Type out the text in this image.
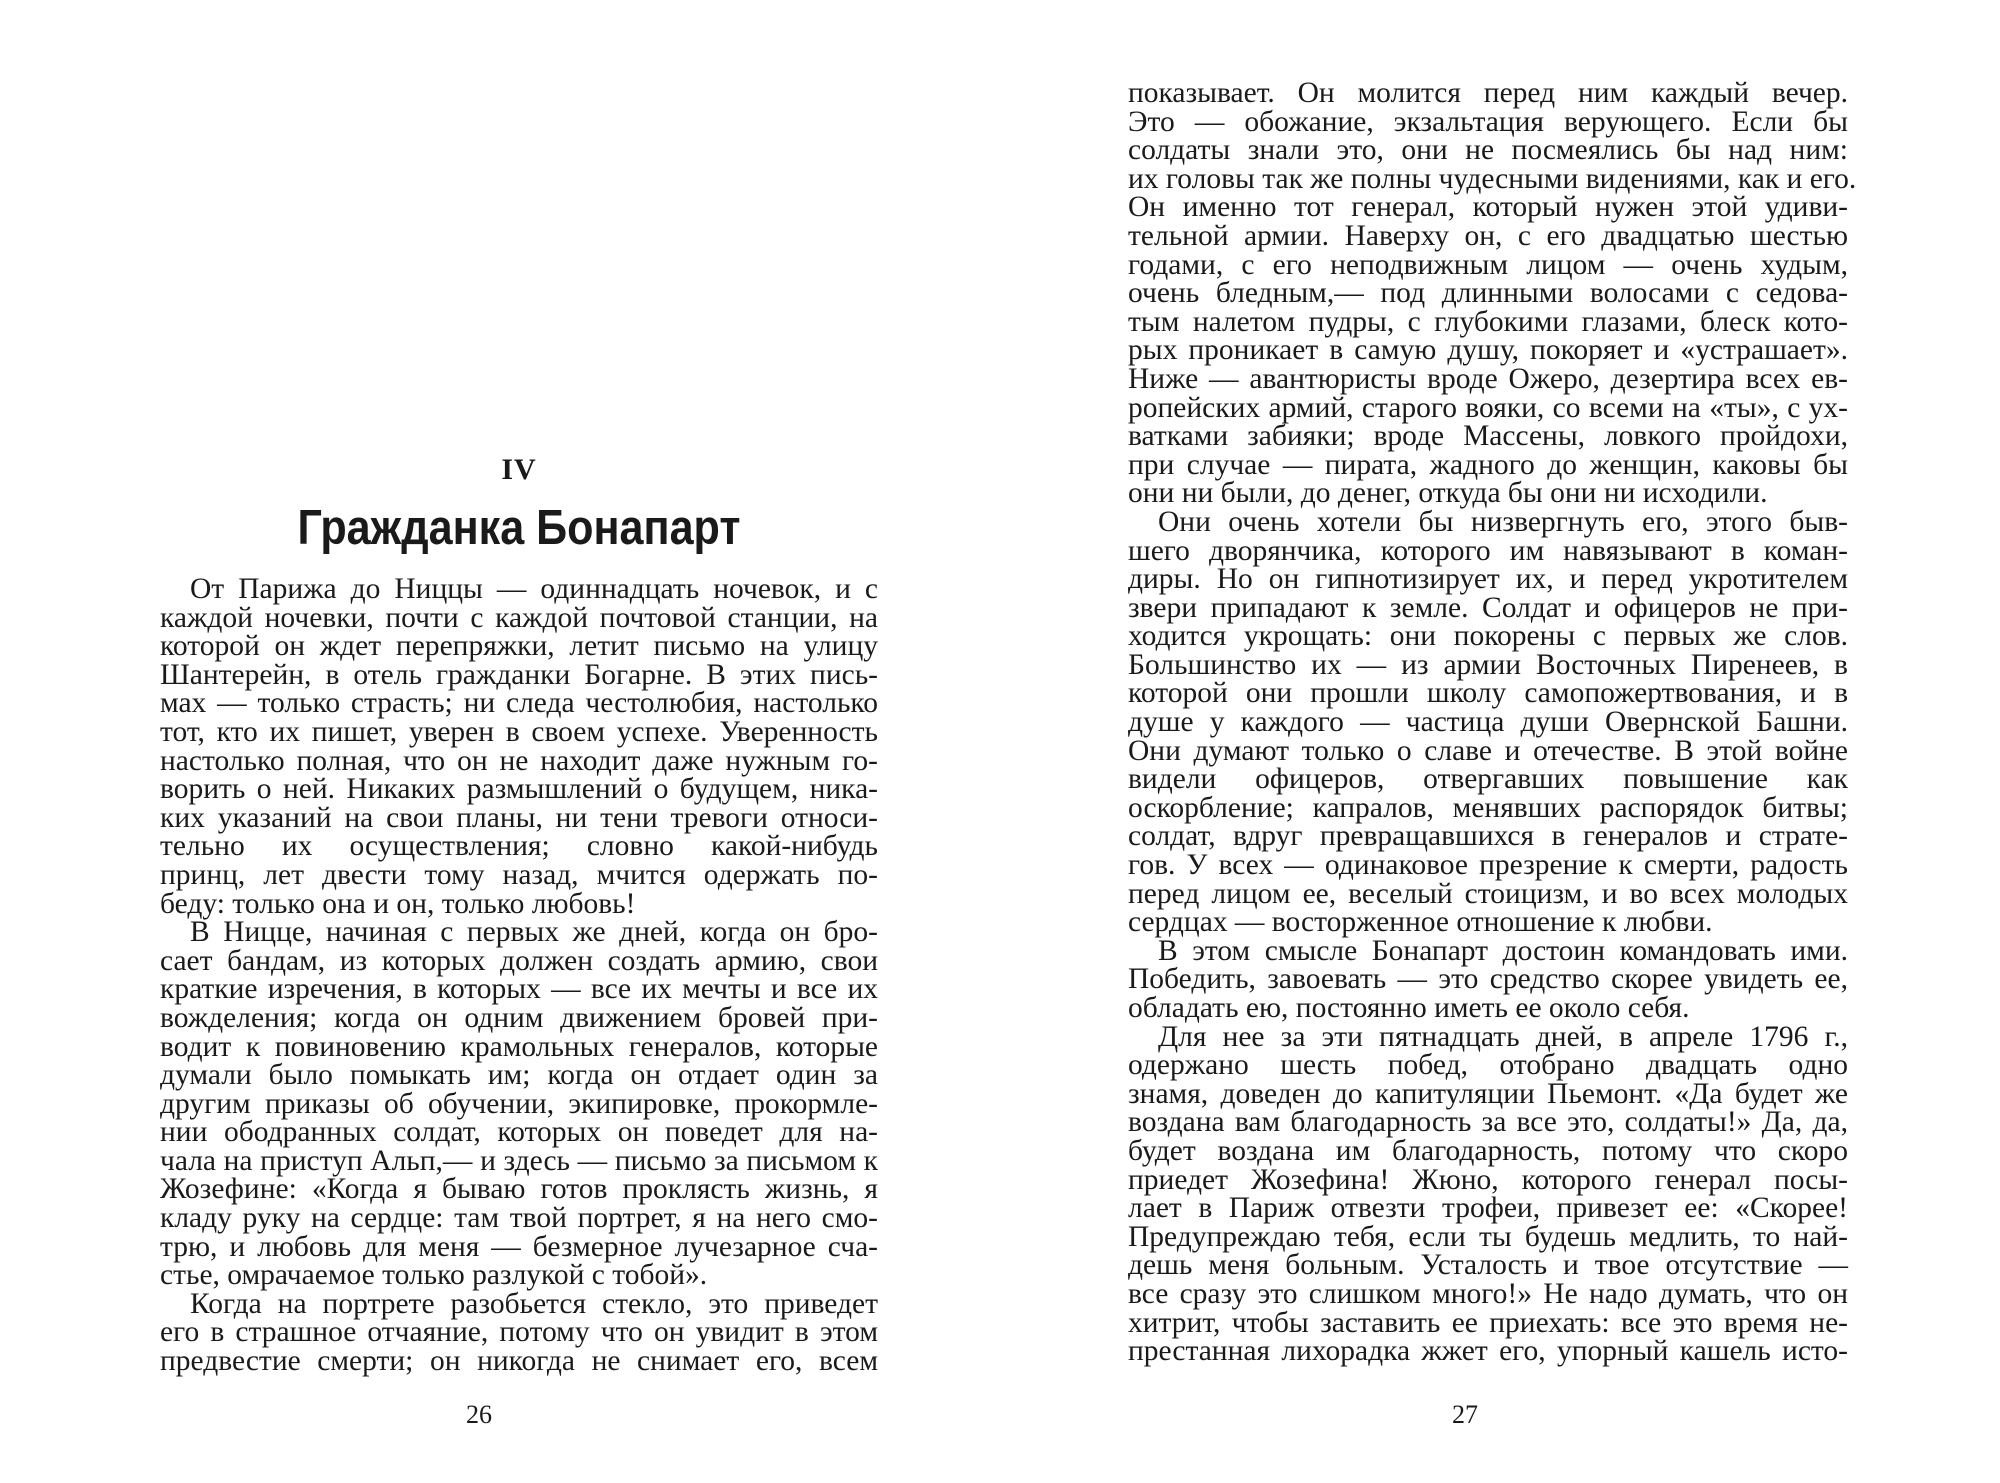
IV
Гражданка Бонапарт

От Парижа до Ниццы — одиннадцать ночевок, и с

каждой ночевки, почти с каждой почтовой станции, на

которой он ждет перепряжки, летит письмо на улицу

Шантерейн, в отель гражданки Богарне. В этих пись-

мах — только страсть; ни следа честолюбия, настолько

тот, кто их пишет, уверен в своем успехе. Уверенность

настолько полная, что он не находит даже нужным го-

ворить о ней. Никаких размышлений о будущем, ника-

ких указаний на свои планы, ни тени тревоги относи-

тельно их осуществления; словно какой-нибудь

принц, лет двести тому назад, мчится одержать по-

беду: только она и он, только любовь!

В Ницце, начиная с первых же дней, когда он бро-

сает бандам, из которых должен создать армию, свои

краткие изречения, в которых — все их мечты и все их

вожделения; когда он одним движением бровей при-

водит к повиновению крамольных генералов, которые

думали было помыкать им; когда он отдает один за

другим приказы об обучении, экипировке, прокормле-

нии ободранных солдат, которых он поведет для на-

чала на приступ Альп,— и здесь — письмо за письмом к

Жозефине: «Когда я бываю готов проклясть жизнь, я

кладу руку на сердце: там твой портрет, я на него смо-

трю, и любовь для меня — безмерное лучезарное сча-

стье, омрачаемое только разлукой с тобой».

Когда на портрете разобьется стекло, это приведет

его в страшное отчаяние, потому что он увидит в этом

предвестие смерти; он никогда не снимает его, всем

26

показывает. Он молится перед ним каждый вечер.

Это — обожание, экзальтация верующего. Если бы

солдаты знали это, они не посмеялись бы над ним:

их головы так же полны чудесными видениями, как и его.

Он именно тот генерал, который нужен этой удиви-

тельной армии. Наверху он, с его двадцатью шестью

годами, с его неподвижным лицом — очень худым,

очень бледным,— под длинными волосами с седова-

тым налетом пудры, с глубокими глазами, блеск кото-

рых проникает в самую душу, покоряет и «устрашает».

Ниже — авантюристы вроде Ожеро, дезертира всех ев-

ропейских армий, старого вояки, со всеми на «ты», с ух-

ватками забияки; вроде Массены, ловкого пройдохи,

при случае — пирата, жадного до женщин, каковы бы

они ни были, до денег, откуда бы они ни исходили.

Они очень хотели бы низвергнуть его, этого быв-

шего дворянчика, которого им навязывают в коман-

диры. Но он гипнотизирует их, и перед укротителем

звери припадают к земле. Солдат и офицеров не при-

ходится укрощать: они покорены с первых же слов.

Большинство их — из армии Восточных Пиренеев, в

которой они прошли школу самопожертвования, и в

душе у каждого — частица души Овернской Башни.

Они думают только о славе и отечестве. В этой войне

видели офицеров, отвергавших повышение как

оскорбление; капралов, менявших распорядок битвы;

солдат, вдруг превращавшихся в генералов и страте-

гов. У всех — одинаковое презрение к смерти, радость

перед лицом ее, веселый стоицизм, и во всех молодых

сердцах — восторженное отношение к любви.

В этом смысле Бонапарт достоин командовать ими.

Победить, завоевать — это средство скорее увидеть ее,

обладать ею, постоянно иметь ее около себя.

Для нее за эти пятнадцать дней, в апреле 1796 г.,

одержано шесть побед, отобрано двадцать одно

знамя, доведен до капитуляции Пьемонт. «Да будет же

воздана вам благодарность за все это, солдаты!» Да, да,

будет воздана им благодарность, потому что скоро

приедет Жозефина! Жюно, которого генерал посы-

лает в Париж отвезти трофеи, привезет ее: «Скорее!

Предупреждаю тебя, если ты будешь медлить, то най-

дешь меня больным. Усталость и твое отсутствие —

все сразу это слишком много!» Не надо думать, что он

хитрит, чтобы заставить ее приехать: все это время не-

престанная лихорадка жжет его, упорный кашель исто-

27
